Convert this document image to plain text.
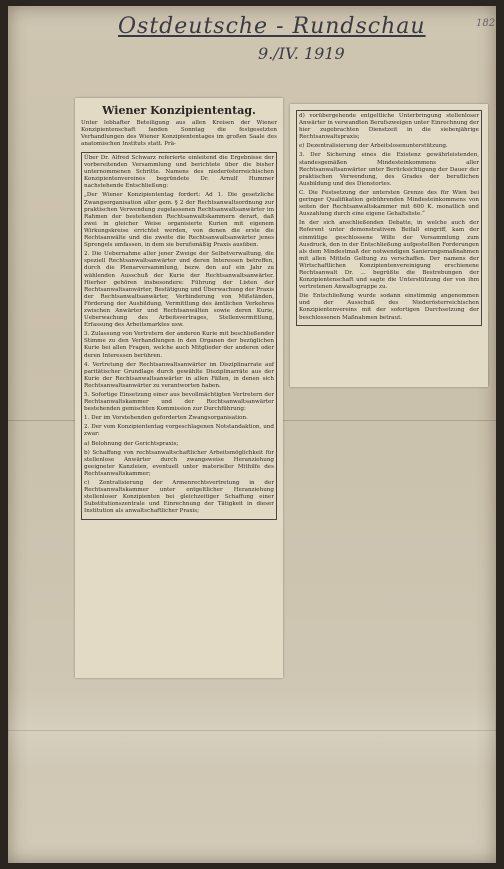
Ostdeutsche - Rundschau
9./IV. 1919
182
Wiener Konzipiententag.
Unter lebhafter Beteiligung aus allen Kreisen der Wiener Konzipientenschaft fanden Sonntag die festgesetzten Verhandlungen des Wiener Konzipiententages im großen Saale des anatomischen Instituts statt. Prä-

Über Dr. Alfred Schwarz referierte einleitend die Ergebnisse der vorbereitenden Versammlung und berichtete über die bisher unternommenen Schritte. Namens des niederösterreichischen Konzipientenvereines begründete Dr. Arnulf Hummer nachstehende Entschließung:

„Der Wiener Konzipiententag fordert: Ad 1. Die gesetzliche Zwangsorganisation aller gem. § 2 der Rechtsanwaltsordnung zur praktischen Verwendung zugelassenen Rechtsanwaltsanwärter im Rahmen der bestehenden Rechtsanwaltskammern derart, daß zwei in gleicher Weise organisierte Kurien mit eigenem Wirkungskreise errichtet werden, von denen die erste die Rechtsanwälte und die zweite die Rechtsanwaltsanwärter jenes Sprengels umfassen, in dem sie berufsmäßig Praxis ausüben.

2. Die Uebernahme aller jener Zweige der Selbstverwaltung, die speziell Rechtsanwaltsanwärter und deren Interessen betreffen, durch die Plenarversammlung, bezw. den auf ein Jahr zu wählenden Ausschuß der Kurie der Rechtsanwaltsanwärter. Hierher gehören insbesondere: Führung der Listen der Rechtsanwaltsanwärter, Bestätigung und Überwachung der Praxis der Rechtsanwaltsanwärter, Verhinderung von Mißständen, Förderung der Ausbildung, Vermittlung des ämtlichen Verkehres zwischen Anwärter und Rechtsanwälten sowie deren Kurie, Ueberwachung des Arbeitsvertrages, Stellenvermittlung, Erfassung des Arbeitsmarktes usw.

3. Zulassung von Vertretern der anderen Kurie mit beschließender Stimme zu den Verhandlungen in den Organen der bezüglichen Kurie bei allen Fragen, welche auch Mitglieder der anderen oder deren Interessen berühren.

4. Vertretung der Rechtsanwaltsanwärter im Disziplinarrate auf paritätischer Grundlage durch gewählte Disziplinarräte aus der Kurie der Rechtsanwaltsanwärter in allen Fällen, in denen sich Rechtsanwaltsanwärter zu verantworten haben.

5. Sofortige Einsetzung einer aus bevollmächtigten Vertretern der Rechtsanwaltskammer und der Rechtsanwaltsanwärter bestehenden gemischten Kommission zur Durchführung:

1. Der im Vorstehenden geforderten Zwangsorganisation.

2. Der vom Konzipiententag vorgeschlagenen Notstandaktion, und zwar:

a) Belohnung der Gerichtspraxis;

b) Schaffung von rechtsanwaltschaftlicher Arbeitsmöglichkeit für stellenlose Anwärter durch zwangsweise Heranziehung geeigneter Kanzleien, eventuell unter materieller Mithilfe des Rechtsanwaltskammer;

c) Zentralisierung der Armenrechtsvertretung in der Rechtsanwaltskammer unter entgeltlicher Heranziehung stellenloser Konzipienten bei gleichzeitiger Schaffung einer Substitutionszentrale und Einrechnung der Tätigkeit in dieser Institution als anwaltschaftlicher Praxis;

d) vorübergehende entgeltliche Unterbringung stellenloser Anwärter in verwandten Berufszweigen unter Einrechnung der hier zugebrachten Dienstzeit in die siebenjährige Rechtsanwaltspraxis;

e) Dezentralisierung der Arbeitslosenunterstützung.

3. Der Sicherung eines die Existenz gewährleistenden, standesgemäßen Mindesteinkommens aller Rechtsanwaltsanwärter unter Berücksichtigung der Dauer der praktischen Verwendung, des Grades der beruflichen Ausbildung und des Dienstortes.

C. Die Festsetzung der untersten Grenze des für Wien bei geringer Qualifikation gebührenden Mindesteinkommens von seiten der Rechtsanwaltskammer mit 600 K. monatlich und Auszahlung durch eine eigene Gehaltsliste.“

In der sich anschließenden Debatte, in welche auch der Referent unter demonstrativem Beifall eingriff, kam der einmütige geschlossene Wille der Versammlung zum Ausdruck, den in der Entschließung aufgestellten Forderungen als dem Mindestmaß der notwendigen Sanierungsmaßnahmen mit allen Mitteln Geltung zu verschaffen. Der namens der Wirtschaftlichen Konzipientenvereinigung erschienene Rechtsanwalt Dr. ... begrüßte die Bestrebungen der Konzipientenschaft und sagte die Unterstützung der von ihm vertretenen Anwaltsgruppe zu.

Die Entschließung wurde sodann einstimmig angenommen und der Ausschuß des Niederösterreichischen Konzipientenvereins mit der sofortigen Durchsetzung der beschlossenen Maßnahmen betraut.
